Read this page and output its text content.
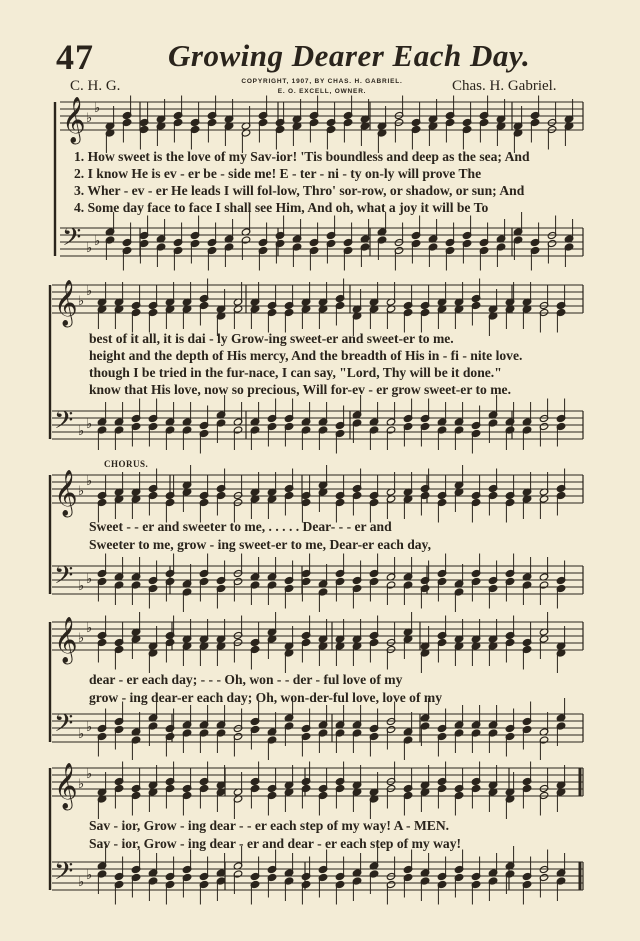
47 Growing Dearer Each Day.
C. H. G.	COPYRIGHT, 1907, BY CHAS. H. GABRIEL.
E. O. EXCELL, OWNER.	Chas. H. Gabriel.
CHORUS.
1. How sweet is the love of my Sav-ior! 'Tis boundless and deep as the sea; And
2. I know He is ev - er be - side me! E - ter - ni - ty on-ly will prove The
3. Wher - ev - er He leads I will fol-low, Thro' sor-row, or shadow, or sun; And
4. Some day face to face I shall see Him, And oh, what a joy it will be To
best of it all, it is dai - ly Grow-ing sweet-er and sweet-er to me.
height and the depth of His mercy, And the breadth of His in - fi - nite love.
though I be tried in the fur-nace, I can say, "Lord, Thy will be it done."
know that His love, now so precious, Will for-ev - er grow sweet-er to me.
Sweet - - er and sweeter to me, . . . . . Dear- - - er and
Sweeter to me, grow - ing sweet-er to me, Dear-er each day,
dear - er each day; - - - Oh, won - - der - ful love of my
grow - ing dear-er each day; Oh, won-der-ful love, love of my
Sav - ior, Grow - ing dear - - er each step of my way! A - MEN.
Sav - ior, Grow - ing dear - er and dear - er each step of my way!
𝄞
𝄢
♭
♭
♭
♭
𝄞
𝄢
♭
♭
♭
♭
𝄞
𝄢
♭
♭
♭
♭
𝄞
𝄢
♭
♭
♭
♭
𝄞
𝄢
♭
♭
♭
♭
